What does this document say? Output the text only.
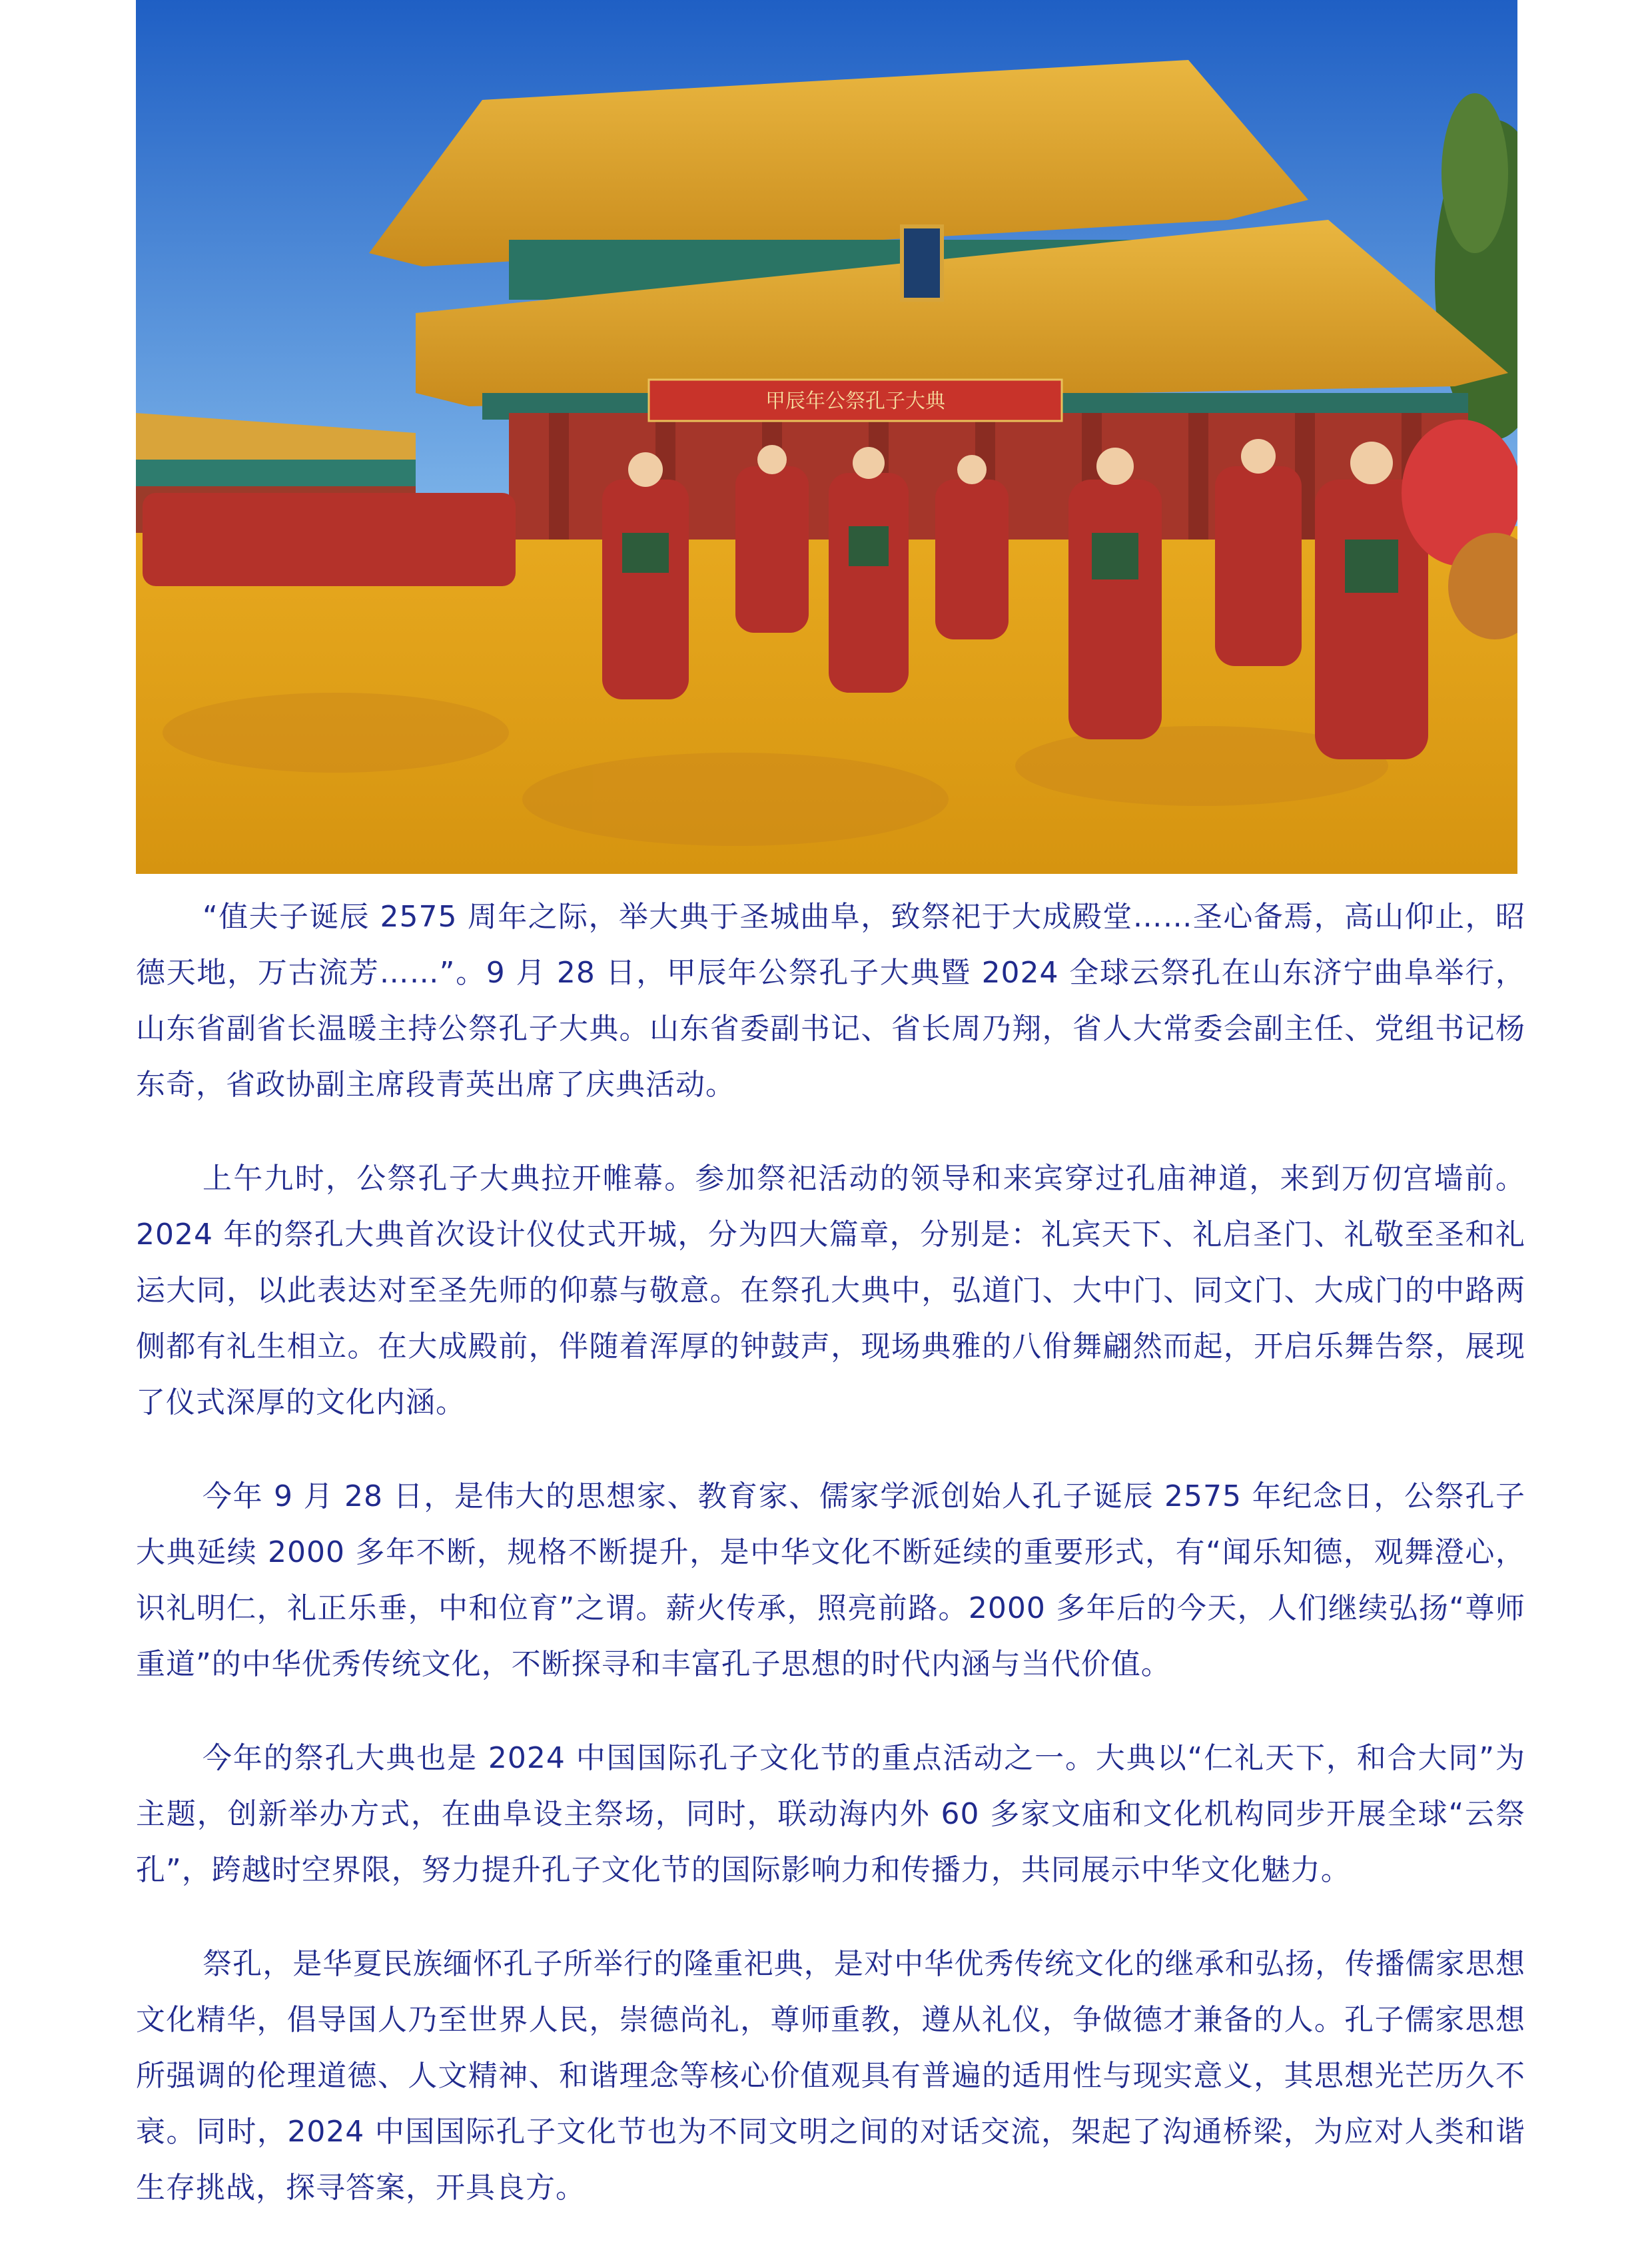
甲辰年公祭孔子大典

“值夫子诞辰 2575 周年之际，举大典于圣城曲阜，致祭祀于大成殿堂……圣心备焉，高山仰止，昭德天地，万古流芳……”。9 月 28 日，甲辰年公祭孔子大典暨 2024 全球云祭孔在山东济宁曲阜举行，山东省副省长温暖主持公祭孔子大典。山东省委副书记、省长周乃翔，省人大常委会副主任、党组书记杨东奇，省政协副主席段青英出席了庆典活动。

上午九时，公祭孔子大典拉开帷幕。参加祭祀活动的领导和来宾穿过孔庙神道，来到万仞宫墙前。2024 年的祭孔大典首次设计仪仗式开城，分为四大篇章，分别是：礼宾天下、礼启圣门、礼敬至圣和礼运大同，以此表达对至圣先师的仰慕与敬意。在祭孔大典中，弘道门、大中门、同文门、大成门的中路两侧都有礼生相立。在大成殿前，伴随着浑厚的钟鼓声，现场典雅的八佾舞翩然而起，开启乐舞告祭，展现了仪式深厚的文化内涵。

今年 9 月 28 日，是伟大的思想家、教育家、儒家学派创始人孔子诞辰 2575 年纪念日，公祭孔子大典延续 2000 多年不断，规格不断提升，是中华文化不断延续的重要形式，有“闻乐知德，观舞澄心，识礼明仁，礼正乐垂，中和位育”之谓。薪火传承，照亮前路。2000 多年后的今天，人们继续弘扬“尊师重道”的中华优秀传统文化，不断探寻和丰富孔子思想的时代内涵与当代价值。

今年的祭孔大典也是 2024 中国国际孔子文化节的重点活动之一。大典以“仁礼天下，和合大同”为主题，创新举办方式，在曲阜设主祭场，同时，联动海内外 60 多家文庙和文化机构同步开展全球“云祭孔”，跨越时空界限，努力提升孔子文化节的国际影响力和传播力，共同展示中华文化魅力。

祭孔，是华夏民族缅怀孔子所举行的隆重祀典，是对中华优秀传统文化的继承和弘扬，传播儒家思想文化精华，倡导国人乃至世界人民，崇德尚礼，尊师重教，遵从礼仪，争做德才兼备的人。孔子儒家思想所强调的伦理道德、人文精神、和谐理念等核心价值观具有普遍的适用性与现实意义，其思想光芒历久不衰。同时，2024 中国国际孔子文化节也为不同文明之间的对话交流，架起了沟通桥梁，为应对人类和谐生存挑战，探寻答案，开具良方。
